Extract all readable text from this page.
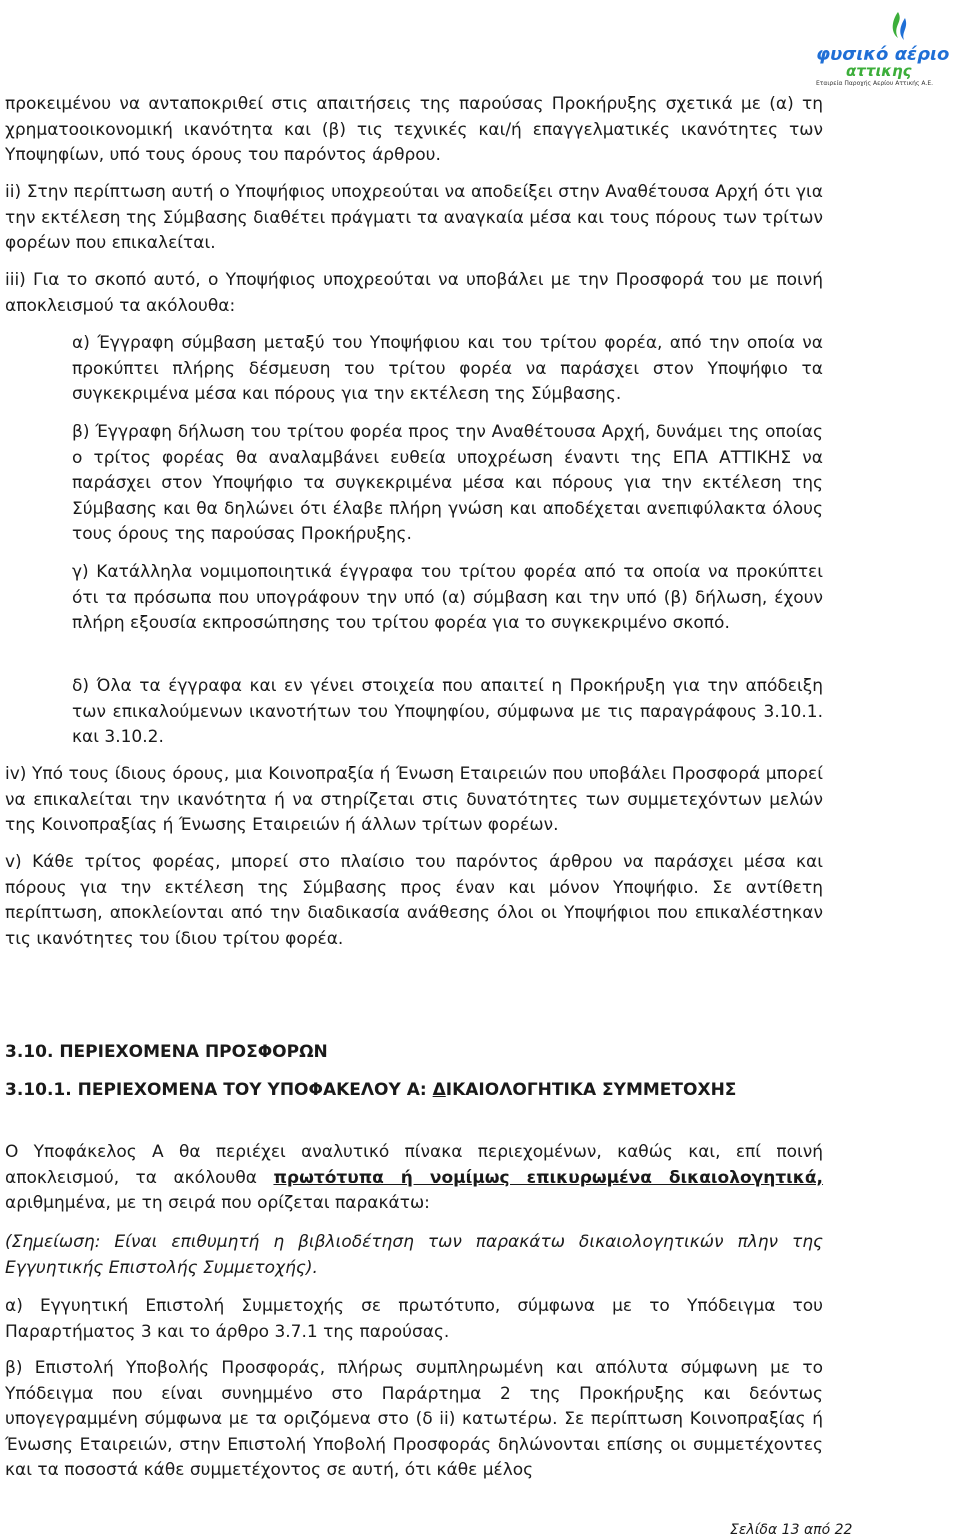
φυσικό αέριο
αττικης
Εταιρεία Παροχής Αερίου Αττικής Α.Ε.

προκειμένου να ανταποκριθεί στις απαιτήσεις της παρούσας Προκήρυξης σχετικά με (α) τη χρηματοοικονομική ικανότητα και (β) τις τεχνικές και/ή επαγγελματικές ικανότητες των Υποψηφίων, υπό τους όρους του παρόντος άρθρου.

ii) Στην περίπτωση αυτή ο Υποψήφιος υποχρεούται να αποδείξει στην Αναθέτουσα Αρχή ότι για την εκτέλεση της Σύμβασης διαθέτει πράγματι τα αναγκαία μέσα και τους πόρους των τρίτων φορέων που επικαλείται.

iii) Για το σκοπό αυτό, ο Υποψήφιος υποχρεούται να υποβάλει με την Προσφορά του με ποινή αποκλεισμού τα ακόλουθα:

α) Έγγραφη σύμβαση μεταξύ του Υποψήφιου και του τρίτου φορέα, από την οποία να προκύπτει πλήρης δέσμευση του τρίτου φορέα να παράσχει στον Υποψήφιο τα συγκεκριμένα μέσα και πόρους για την εκτέλεση της Σύμβασης.

β) Έγγραφη δήλωση του τρίτου φορέα προς την Αναθέτουσα Αρχή, δυνάμει της οποίας ο τρίτος φορέας θα αναλαμβάνει ευθεία υποχρέωση έναντι της ΕΠΑ ΑΤΤΙΚΗΣ να παράσχει στον Υποψήφιο τα συγκεκριμένα μέσα και πόρους για την εκτέλεση της Σύμβασης και θα δηλώνει ότι έλαβε πλήρη γνώση και αποδέχεται ανεπιφύλακτα όλους τους όρους της παρούσας Προκήρυξης.

γ) Κατάλληλα νομιμοποιητικά έγγραφα του τρίτου φορέα από τα οποία να προκύπτει ότι τα πρόσωπα που υπογράφουν την υπό (α) σύμβαση και την υπό (β) δήλωση, έχουν πλήρη εξουσία εκπροσώπησης του τρίτου φορέα για το συγκεκριμένο σκοπό.

δ) Όλα τα έγγραφα και εν γένει στοιχεία που απαιτεί η Προκήρυξη για την απόδειξη των επικαλούμενων ικανοτήτων του Υποψηφίου, σύμφωνα με τις παραγράφους 3.10.1. και 3.10.2.

iv) Υπό τους ίδιους όρους, μια Κοινοπραξία ή Ένωση Εταιρειών που υποβάλει Προσφορά μπορεί να επικαλείται την ικανότητα ή να στηρίζεται στις δυνατότητες των συμμετεχόντων μελών της Κοινοπραξίας ή Ένωσης Εταιρειών ή άλλων τρίτων φορέων.

v) Κάθε τρίτος φορέας, μπορεί στο πλαίσιο του παρόντος άρθρου να παράσχει μέσα και πόρους για την εκτέλεση της Σύμβασης προς έναν και μόνον Υποψήφιο. Σε αντίθετη περίπτωση, αποκλείονται από την διαδικασία ανάθεσης όλοι οι Υποψήφιοι που επικαλέστηκαν τις ικανότητες του ίδιου τρίτου φορέα.

3.10. ΠΕΡΙΕΧΟΜΕΝΑ ΠΡΟΣΦΟΡΩΝ
3.10.1. ΠΕΡΙΕΧΟΜΕΝΑ ΤΟΥ ΥΠΟΦΑΚΕΛΟΥ Α: ΔΙΚΑΙΟΛΟΓΗΤΙΚΑ ΣΥΜΜΕΤΟΧΗΣ

Ο Υποφάκελος Α θα περιέχει αναλυτικό πίνακα περιεχομένων, καθώς και, επί ποινή αποκλεισμού, τα ακόλουθα πρωτότυπα ή νομίμως επικυρωμένα δικαιολογητικά, αριθμημένα, με τη σειρά που ορίζεται παρακάτω:

(Σημείωση: Είναι επιθυμητή η βιβλιοδέτηση των παρακάτω δικαιολογητικών πλην της Εγγυητικής Επιστολής Συμμετοχής).

α) Εγγυητική Επιστολή Συμμετοχής σε πρωτότυπο, σύμφωνα με το Υπόδειγμα του Παραρτήματος 3 και το άρθρο 3.7.1 της παρούσας.

β) Επιστολή Υποβολής Προσφοράς, πλήρως συμπληρωμένη και απόλυτα σύμφωνη με το Υπόδειγμα που είναι συνημμένο στο Παράρτημα 2 της Προκήρυξης και δεόντως υπογεγραμμένη σύμφωνα με τα οριζόμενα στο (δ ii) κατωτέρω. Σε περίπτωση Κοινοπραξίας ή Ένωσης Εταιρειών, στην Επιστολή Υποβολή Προσφοράς δηλώνονται επίσης οι συμμετέχοντες και τα ποσοστά κάθε συμμετέχοντος σε αυτή, ότι κάθε μέλος

Σελίδα 13 από 22
